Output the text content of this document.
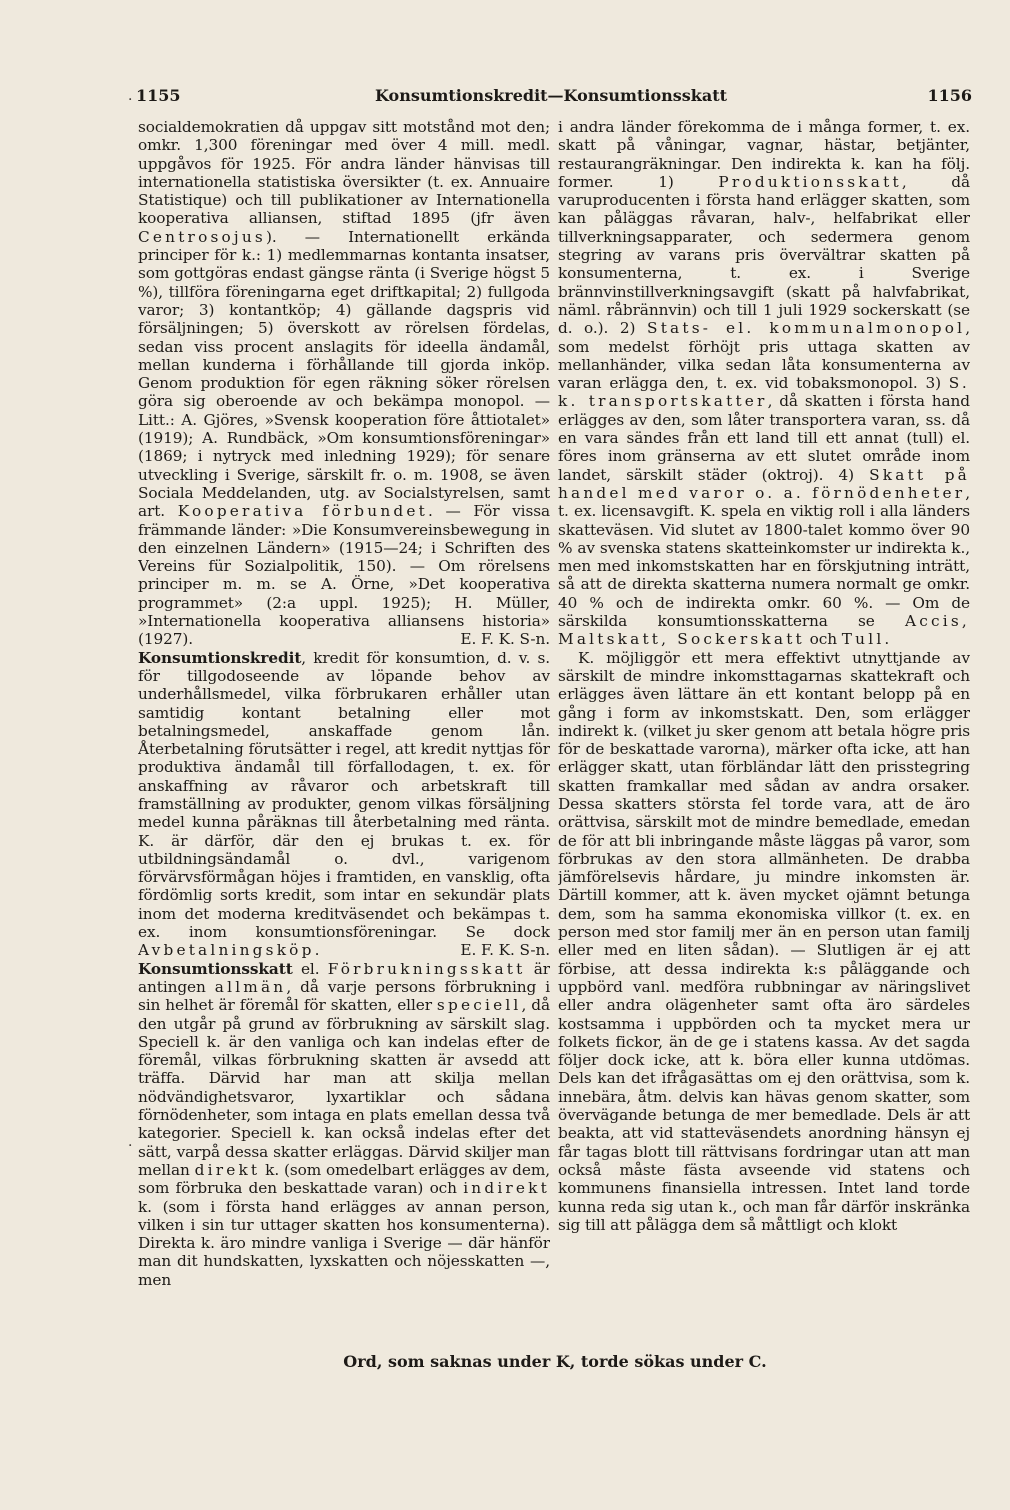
·
·
1155	Konsumtionskredit—Konsumtionsskatt	1156

socialdemokratien då uppgav sitt motstånd mot den; omkr. 1,300 föreningar med över 4 mill. medl. uppgåvos för 1925. För andra länder hänvisas till internationella statistiska översikter (t. ex. Annuaire Statistique) och till publikationer av Internationella kooperativa alliansen, stiftad 1895 (jfr även Centrosojus). — Internationellt erkända principer för k.: 1) medlemmarnas kontanta insatser, som gottgöras endast gängse ränta (i Sverige högst 5 %), tillföra föreningarna eget driftkapital; 2) fullgoda varor; 3) kontantköp; 4) gällande dagspris vid försäljningen; 5) överskott av rörelsen fördelas, sedan viss procent anslagits för ideella ändamål, mellan kunderna i förhållande till gjorda inköp. Genom produktion för egen räkning söker rörelsen göra sig oberoende av och bekämpa monopol. — Litt.: A. Gjöres, »Svensk kooperation före åttiotalet» (1919); A. Rundbäck, »Om konsumtionsföreningar» (1869; i nytryck med inledning 1929); för senare utveckling i Sverige, särskilt fr. o. m. 1908, se även Sociala Meddelanden, utg. av Socialstyrelsen, samt art. Kooperativa förbundet. — För vissa främmande länder: »Die Konsumvereinsbewegung in den einzelnen Ländern» (1915—24; i Schriften des Vereins für Sozialpolitik, 150). — Om rörelsens principer m. m. se A. Örne, »Det kooperativa programmet» (2:a uppl. 1925); H. Müller, »Internationella kooperativa alliansens historia» (1927).	E. F. K. S-n.

Konsumtionskredit, kredit för konsumtion, d. v. s. för tillgodoseende av löpande behov av underhållsmedel, vilka förbrukaren erhåller utan samtidig kontant betalning eller mot betalningsmedel, anskaffade genom lån. Återbetalning förutsätter i regel, att kredit nyttjas för produktiva ändamål till förfallodagen, t. ex. för anskaffning av råvaror och arbetskraft till framställning av produkter, genom vilkas försäljning medel kunna påräknas till återbetalning med ränta. K. är därför, där den ej brukas t. ex. för utbildningsändamål o. dvl., varigenom förvärvsförmågan höjes i framtiden, en vansklig, ofta fördömlig sorts kredit, som intar en sekundär plats inom det moderna kreditväsendet och bekämpas t. ex. inom konsumtionsföreningar. Se dock Avbetalningsköp.	E. F. K. S-n.

Konsumtionsskatt el. Förbrukningsskatt är antingen allmän, då varje persons förbrukning i sin helhet är föremål för skatten, eller speciell, då den utgår på grund av förbrukning av särskilt slag. Speciell k. är den vanliga och kan indelas efter de föremål, vilkas förbrukning skatten är avsedd att träffa. Därvid har man att skilja mellan nödvändighetsvaror, lyxartiklar och sådana förnödenheter, som intaga en plats emellan dessa två kategorier. Speciell k. kan också indelas efter det sätt, varpå dessa skatter erläggas. Därvid skiljer man mellan direkt k. (som omedelbart erlägges av dem, som förbruka den beskattade varan) och indirekt k. (som i första hand erlägges av annan person, vilken i sin tur uttager skatten hos konsumenterna). Direkta k. äro mindre vanliga i Sverige — där hänför man dit hundskatten, lyxskatten och nöjesskatten —, men

i andra länder förekomma de i många former, t. ex. skatt på våningar, vagnar, hästar, betjänter, restaurangräkningar. Den indirekta k. kan ha följ. former. 1) Produktionsskatt, då varuproducenten i första hand erlägger skatten, som kan påläggas råvaran, halv-, helfabrikat eller tillverkningsapparater, och sedermera genom stegring av varans pris övervältrar skatten på konsumenterna, t. ex. i Sverige brännvinstillverkningsavgift (skatt på halvfabrikat, näml. råbrännvin) och till 1 juli 1929 sockerskatt (se d. o.). 2) Stats- el. kommunalmonopol, som medelst förhöjt pris uttaga skatten av mellanhänder, vilka sedan låta konsumenterna av varan erlägga den, t. ex. vid tobaksmonopol. 3) S. k. transportskatter, då skatten i första hand erlägges av den, som låter transportera varan, ss. då en vara sändes från ett land till ett annat (tull) el. föres inom gränserna av ett slutet område inom landet, särskilt städer (oktroj). 4) Skatt på handel med varor o. a. förnödenheter, t. ex. licensavgift. K. spela en viktig roll i alla länders skatteväsen. Vid slutet av 1800-talet kommo över 90 % av svenska statens skatteinkomster ur indirekta k., men med inkomstskatten har en förskjutning inträtt, så att de direkta skatterna numera normalt ge omkr. 40 % och de indirekta omkr. 60 %. — Om de särskilda konsumtionsskatterna se Accis, Maltskatt, Sockerskatt och Tull.

K. möjliggör ett mera effektivt utnyttjande av särskilt de mindre inkomsttagarnas skattekraft och erlägges även lättare än ett kontant belopp på en gång i form av inkomstskatt. Den, som erlägger indirekt k. (vilket ju sker genom att betala högre pris för de beskattade varorna), märker ofta icke, att han erlägger skatt, utan förbländar lätt den prisstegring skatten framkallar med sådan av andra orsaker. Dessa skatters största fel torde vara, att de äro orättvisa, särskilt mot de mindre bemedlade, emedan de för att bli inbringande måste läggas på varor, som förbrukas av den stora allmänheten. De drabba jämförelsevis hårdare, ju mindre inkomsten är. Därtill kommer, att k. även mycket ojämnt betunga dem, som ha samma ekonomiska villkor (t. ex. en person med stor familj mer än en person utan familj eller med en liten sådan). — Slutligen är ej att förbise, att dessa indirekta k:s påläggande och uppbörd vanl. medföra rubbningar av näringslivet eller andra olägenheter samt ofta äro särdeles kostsamma i uppbörden och ta mycket mera ur folkets fickor, än de ge i statens kassa. Av det sagda följer dock icke, att k. böra eller kunna utdömas. Dels kan det ifrågasättas om ej den orättvisa, som k. innebära, åtm. delvis kan hävas genom skatter, som övervägande betunga de mer bemedlade. Dels är att beakta, att vid statteväsendets anordning hänsyn ej får tagas blott till rättvisans fordringar utan att man också måste fästa avseende vid statens och kommunens finansiella intressen. Intet land torde kunna reda sig utan k., och man får därför inskränka sig till att pålägga dem så måttligt och klokt

Ord, som saknas under K, torde sökas under C.
